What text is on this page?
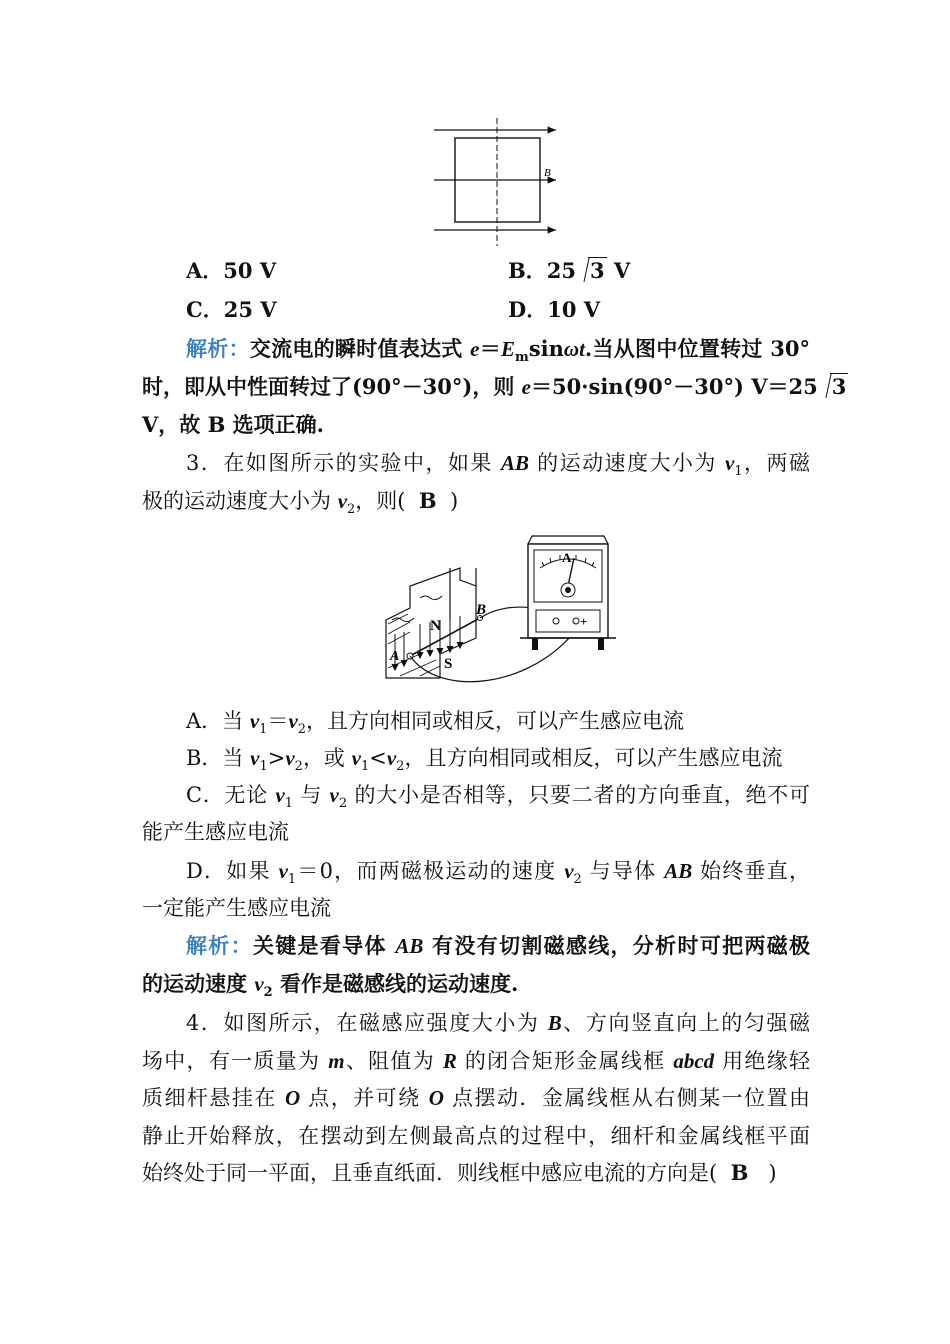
B
A．50 V	B．25 3 V
C．25 V	D．10 V
解析：交流电的瞬时值表达式 $e=E_m\sin\omega t$.当从图中位置转过 30°
时，即从中性面转过了(90°－30°)，则 e＝50·sin(90°－30°) V＝25 3
V，故 B 选项正确.
3．在如图所示的实验中，如果 AB 的运动速度大小为 $v_1$，两磁
极的运动速度大小为 $v_2$，则( B  )
A
B
N
S
A
+
A．当 $v_1=v_2$，且方向相同或相反，可以产生感应电流
B．当 $v_1>v_2$，或 $v_1<v_2$，且方向相同或相反，可以产生感应电流
C．无论 $v_1$ 与 $v_2$ 的大小是否相等，只要二者的方向垂直，绝不可
能产生感应电流
D．如果 $v_1=0$，而两磁极运动的速度 $v_2$ 与导体 AB 始终垂直，
一定能产生感应电流
解析：关键是看导体 AB 有没有切割磁感线，分析时可把两磁极
的运动速度 $v_2$ 看作是磁感线的运动速度.
4．如图所示，在磁感应强度大小为 B、方向竖直向上的匀强磁
场中，有一质量为 m、阻值为 R 的闭合矩形金属线框 abcd 用绝缘轻
质细杆悬挂在 O 点，并可绕 O 点摆动．金属线框从右侧某一位置由
静止开始释放，在摆动到左侧最高点的过程中，细杆和金属线框平面
始终处于同一平面，且垂直纸面．则线框中感应电流的方向是( B   )
